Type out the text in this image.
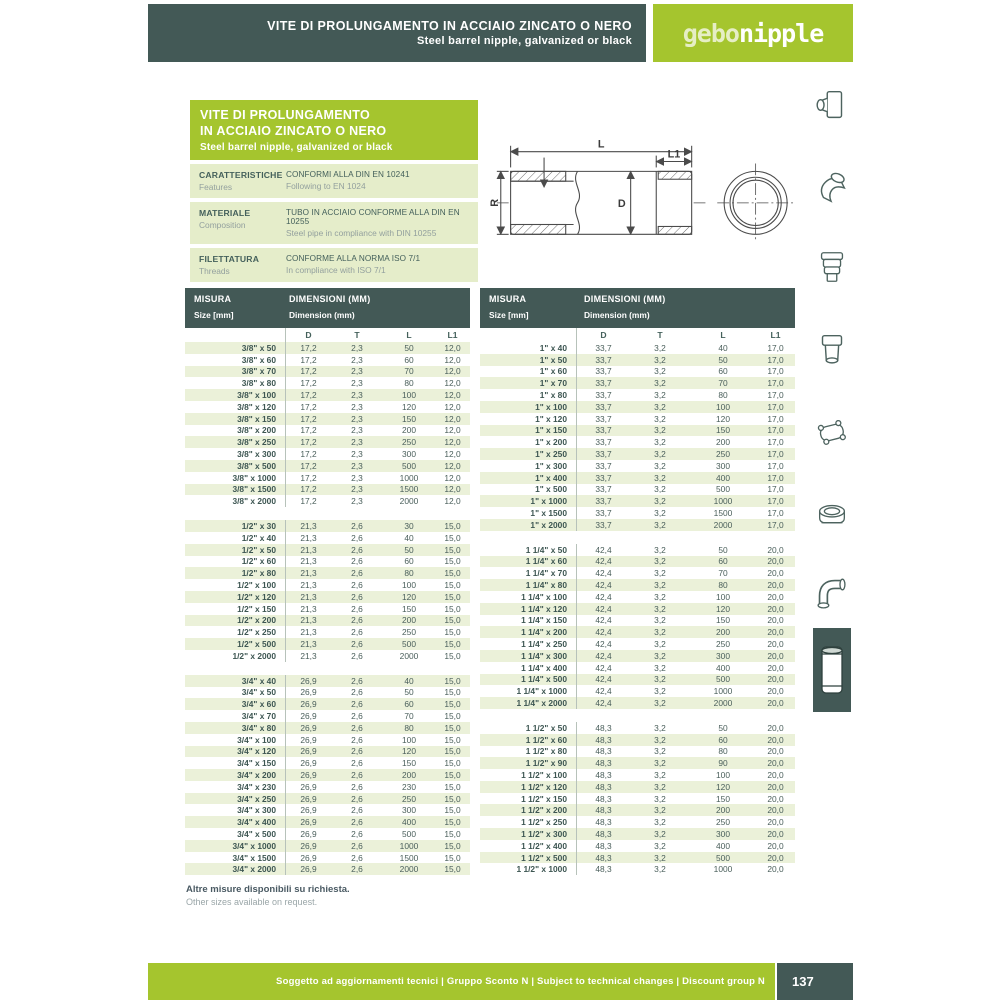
VITE DI PROLUNGAMENTO IN ACCIAIO ZINCATO O NERO
Steel barrel nipple, galvanized or black gebonipple
VITE DI PROLUNGAMENTO
IN ACCIAIO ZINCATO O NERO
Steel barrel nipple, galvanized or black
CARATTERISTICHE
Features
CONFORMI ALLA DIN EN 10241
Following to EN 1024
MATERIALE
Composition
TUBO IN ACCIAIO CONFORME ALLA DIN EN 10255
Steel pipe in compliance with DIN 10255
FILETTATURA
Threads
CONFORME ALLA NORMA ISO 7/1
In compliance with ISO 7/1
L
L1
D
R
MISURA
Size [mm]
DIMENSIONI (MM)
Dimension (mm)
D	T	L	L1
3/8" x 50	17,2	2,3	50	12,0
3/8" x 60	17,2	2,3	60	12,0
3/8" x 70	17,2	2,3	70	12,0
3/8" x 80	17,2	2,3	80	12,0
3/8" x 100	17,2	2,3	100	12,0
3/8" x 120	17,2	2,3	120	12,0
3/8" x 150	17,2	2,3	150	12,0
3/8" x 200	17,2	2,3	200	12,0
3/8" x 250	17,2	2,3	250	12,0
3/8" x 300	17,2	2,3	300	12,0
3/8" x 500	17,2	2,3	500	12,0
3/8" x 1000	17,2	2,3	1000	12,0
3/8" x 1500	17,2	2,3	1500	12,0
3/8" x 2000	17,2	2,3	2000	12,0
1/2" x 30	21,3	2,6	30	15,0
1/2" x 40	21,3	2,6	40	15,0
1/2" x 50	21,3	2,6	50	15,0
1/2" x 60	21,3	2,6	60	15,0
1/2" x 80	21,3	2,6	80	15,0
1/2" x 100	21,3	2,6	100	15,0
1/2" x 120	21,3	2,6	120	15,0
1/2" x 150	21,3	2,6	150	15,0
1/2" x 200	21,3	2,6	200	15,0
1/2" x 250	21,3	2,6	250	15,0
1/2" x 500	21,3	2,6	500	15,0
1/2" x 2000	21,3	2,6	2000	15,0
3/4" x 40	26,9	2,6	40	15,0
3/4" x 50	26,9	2,6	50	15,0
3/4" x 60	26,9	2,6	60	15,0
3/4" x 70	26,9	2,6	70	15,0
3/4" x 80	26,9	2,6	80	15,0
3/4" x 100	26,9	2,6	100	15,0
3/4" x 120	26,9	2,6	120	15,0
3/4" x 150	26,9	2,6	150	15,0
3/4" x 200	26,9	2,6	200	15,0
3/4" x 230	26,9	2,6	230	15,0
3/4" x 250	26,9	2,6	250	15,0
3/4" x 300	26,9	2,6	300	15,0
3/4" x 400	26,9	2,6	400	15,0
3/4" x 500	26,9	2,6	500	15,0
3/4" x 1000	26,9	2,6	1000	15,0
3/4" x 1500	26,9	2,6	1500	15,0
3/4" x 2000	26,9	2,6	2000	15,0
MISURA
Size [mm]
DIMENSIONI (MM)
Dimension (mm)
D	T	L	L1
1" x 40	33,7	3,2	40	17,0
1" x 50	33,7	3,2	50	17,0
1" x 60	33,7	3,2	60	17,0
1" x 70	33,7	3,2	70	17,0
1" x 80	33,7	3,2	80	17,0
1" x 100	33,7	3,2	100	17,0
1" x 120	33,7	3,2	120	17,0
1" x 150	33,7	3,2	150	17,0
1" x 200	33,7	3,2	200	17,0
1" x 250	33,7	3,2	250	17,0
1" x 300	33,7	3,2	300	17,0
1" x 400	33,7	3,2	400	17,0
1" x 500	33,7	3,2	500	17,0
1" x 1000	33,7	3,2	1000	17,0
1" x 1500	33,7	3,2	1500	17,0
1" x 2000	33,7	3,2	2000	17,0
1 1/4" x 50	42,4	3,2	50	20,0
1 1/4" x 60	42,4	3,2	60	20,0
1 1/4" x 70	42,4	3,2	70	20,0
1 1/4" x 80	42,4	3,2	80	20,0
1 1/4" x 100	42,4	3,2	100	20,0
1 1/4" x 120	42,4	3,2	120	20,0
1 1/4" x 150	42,4	3,2	150	20,0
1 1/4" x 200	42,4	3,2	200	20,0
1 1/4" x 250	42,4	3,2	250	20,0
1 1/4" x 300	42,4	3,2	300	20,0
1 1/4" x 400	42,4	3,2	400	20,0
1 1/4" x 500	42,4	3,2	500	20,0
1 1/4" x 1000	42,4	3,2	1000	20,0
1 1/4" x 2000	42,4	3,2	2000	20,0
1 1/2" x 50	48,3	3,2	50	20,0
1 1/2" x 60	48,3	3,2	60	20,0
1 1/2" x 80	48,3	3,2	80	20,0
1 1/2" x 90	48,3	3,2	90	20,0
1 1/2" x 100	48,3	3,2	100	20,0
1 1/2" x 120	48,3	3,2	120	20,0
1 1/2" x 150	48,3	3,2	150	20,0
1 1/2" x 200	48,3	3,2	200	20,0
1 1/2" x 250	48,3	3,2	250	20,0
1 1/2" x 300	48,3	3,2	300	20,0
1 1/2" x 400	48,3	3,2	400	20,0
1 1/2" x 500	48,3	3,2	500	20,0
1 1/2" x 1000	48,3	3,2	1000	20,0
Altre misure disponibili su richiesta.
Other sizes available on request.
Soggetto ad aggiornamenti tecnici | Gruppo Sconto N | Subject to technical changes | Discount group N	137
